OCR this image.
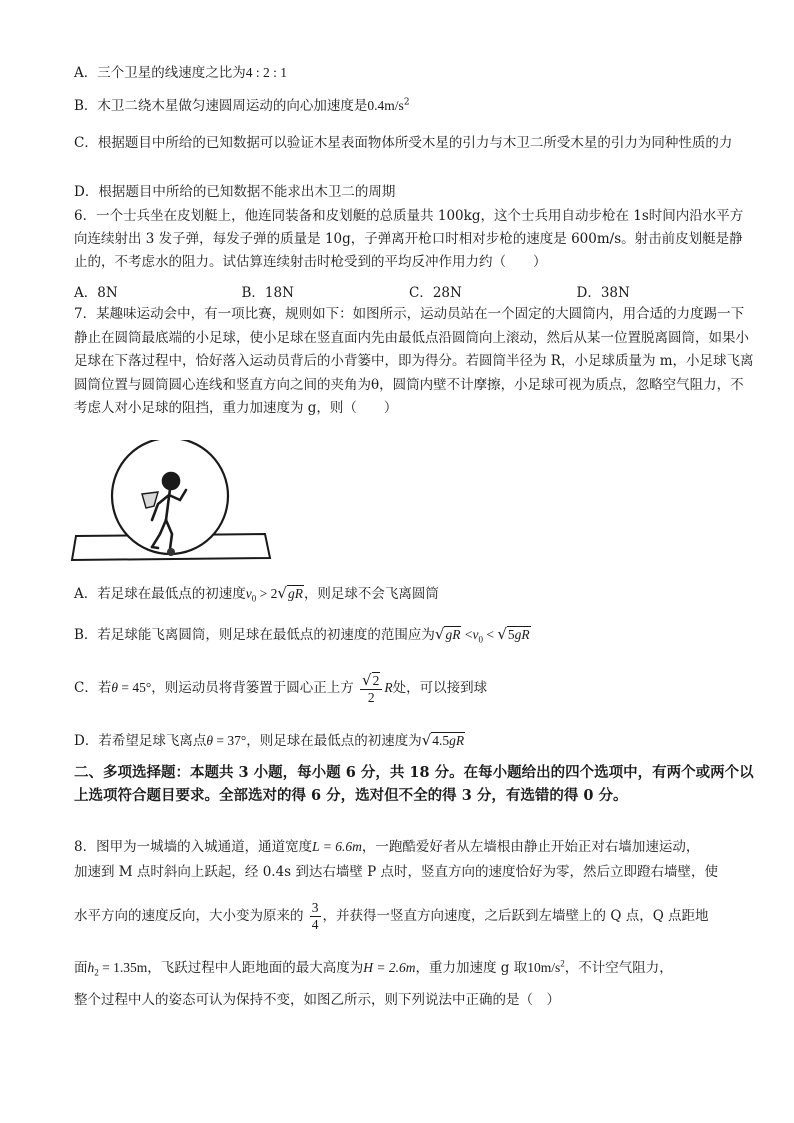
A．三个卫星的线速度之比为4 : 2 : 1
B．木卫二绕木星做匀速圆周运动的向心加速度是$0.4m/s^2$
C．根据题目中所给的已知数据可以验证木星表面物体所受木星的引力与木卫二所受木星的引力为同种性质的力
D．根据题目中所给的已知数据不能求出木卫二的周期
6．一个士兵坐在皮划艇上，他连同装备和皮划艇的总质量共 100kg，这个士兵用自动步枪在 1s时间内沿水平方向连续射出 3 发子弹，每发子弹的质量是 10g，子弹离开枪口时相对步枪的速度是 600m/s。射击前皮划艇是静止的，不考虑水的阻力。试估算连续射击时枪受到的平均反冲作用力约（　　）
A．8N	B．18N	C．28N	D．38N
7．某趣味运动会中，有一项比赛，规则如下：如图所示，运动员站在一个固定的大圆筒内，用合适的力度踢一下静止在圆筒最底端的小足球，使小足球在竖直面内先由最低点沿圆筒向上滚动，然后从某一位置脱离圆筒，如果小足球在下落过程中，恰好落入运动员背后的小背篓中，即为得分。若圆筒半径为 R，小足球质量为 m，小足球飞离圆筒位置与圆筒圆心连线和竖直方向之间的夹角为θ，圆筒内壁不计摩擦，小足球可视为质点，忽略空气阻力，不考虑人对小足球的阻挡，重力加速度为 g，则（　　）
A．若足球在最低点的初速度$v_0 > 2√gR$，则足球不会飞离圆筒
B．若足球能飞离圆筒，则足球在最低点的初速度的范围应为$√gR <v_0 < √5gR$
C．若θ = 45°，则运动员将背篓置于圆心正上方 $\frac{√2}{2}$ R处，可以接到球
D．若希望足球飞离点θ = 37°，则足球在最低点的初速度为√4.5gR
二、多项选择题：本题共 3 小题，每小题 6 分，共 18 分。在每小题给出的四个选项中，有两个或两个以上选项符合题目要求。全部选对的得 6 分，选对但不全的得 3 分，有选错的得 0 分。
8．图甲为一城墙的入城通道，通道宽度L = 6.6m，一跑酷爱好者从左墙根由静止开始正对右墙加速运动，
加速到 M 点时斜向上跃起，经 0.4s 到达右墙壁 P 点时，竖直方向的速度恰好为零，然后立即蹬右墙壁，使
水平方向的速度反向，大小变为原来的 $\frac{3}{4}$ ，并获得一竖直方向速度，之后跃到左墙壁上的 Q 点，Q 点距地
面$h_2 = 1.35m$，飞跃过程中人距地面的最大高度为H = 2.6m，重力加速度 g 取$10m/s^2$，不计空气阻力，
整个过程中人的姿态可认为保持不变，如图乙所示，则下列说法中正确的是（　）
